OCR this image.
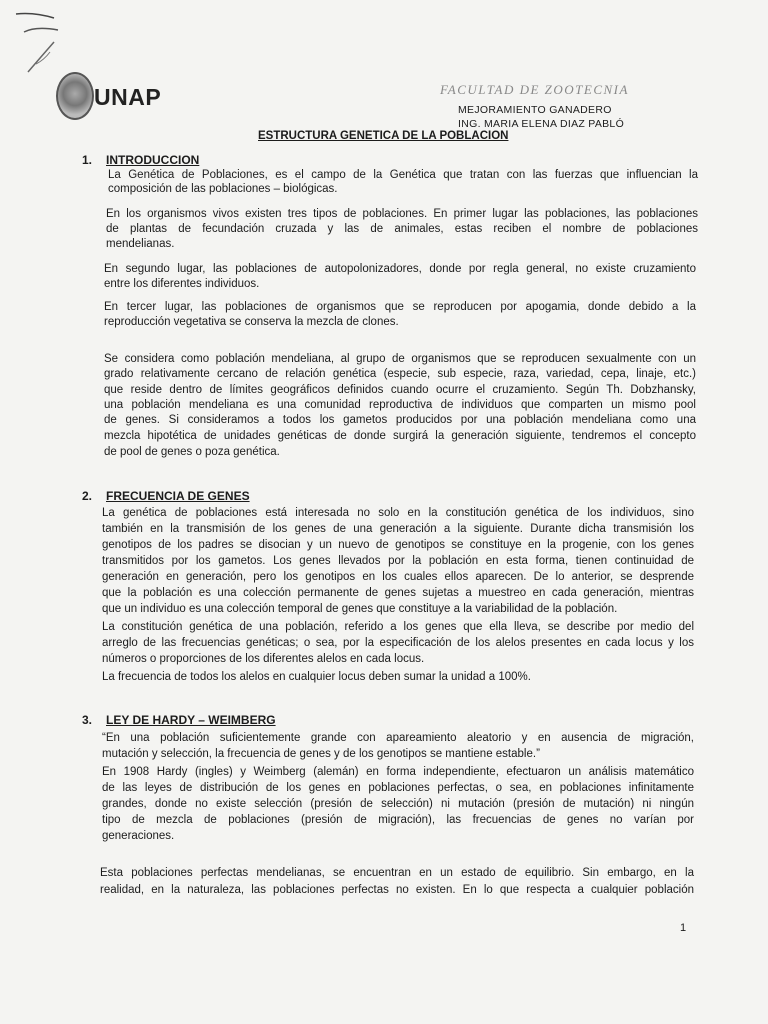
UNAP	FACULTAD DE ZOOTECNIA
MEJORAMIENTO GANADERO
ING. MARIA ELENA DIAZ PABLÓ
ESTRUCTURA GENETICA DE LA POBLACION
1. INTRODUCCION
La Genética de Poblaciones, es el campo de la Genética que tratan con las fuerzas que influencian la
composición de las poblaciones – biológicas.
En los organismos vivos existen tres tipos de poblaciones. En primer lugar las poblaciones, las poblaciones
de plantas de fecundación cruzada y las de animales, estas reciben el nombre de poblaciones
mendelianas.
En segundo lugar, las poblaciones de autopolonizadores, donde por regla general, no existe cruzamiento
entre los diferentes individuos.
En tercer lugar, las poblaciones de organismos que se reproducen por apogamia, donde debido a la
reproducción vegetativa se conserva la mezcla de clones.
Se considera como población mendeliana, al grupo de organismos que se reproducen sexualmente con un
grado relativamente cercano de relación genética (especie, sub especie, raza, variedad, cepa, linaje, etc.)
que reside dentro de límites geográficos definidos cuando ocurre el cruzamiento. Según Th. Dobzhansky,
una población mendeliana es una comunidad reproductiva de individuos que comparten un mismo pool
de genes. Si consideramos a todos los gametos producidos por una población mendeliana como una
mezcla hipotética de unidades genéticas de donde surgirá la generación siguiente, tendremos el concepto
de pool de genes o poza genética.
2. FRECUENCIA DE GENES
La genética de poblaciones está interesada no solo en la constitución genética de los individuos, sino
también en la transmisión de los genes de una generación a la siguiente. Durante dicha transmisión los
genotipos de los padres se disocian y un nuevo de genotipos se constituye en la progenie, con los genes
transmitidos por los gametos. Los genes llevados por la población en esta forma, tienen continuidad de
generación en generación, pero los genotipos en los cuales ellos aparecen. De lo anterior, se desprende
que la población es una colección permanente de genes sujetas a muestreo en cada generación, mientras
que un individuo es una colección temporal de genes que constituye a la variabilidad de la población.
La constitución genética de una población, referido a los genes que ella lleva, se describe por medio del
arreglo de las frecuencias genéticas; o sea, por la especificación de los alelos presentes en cada locus y los
números o proporciones de los diferentes alelos en cada locus.
La frecuencia de todos los alelos en cualquier locus deben sumar la unidad a 100%.
3. LEY DE HARDY – WEIMBERG
“En una población suficientemente grande con apareamiento aleatorio y en ausencia de migración,
mutación y selección, la frecuencia de genes y de los genotipos se mantiene estable.”
En 1908 Hardy (ingles) y Weimberg (alemán) en forma independiente, efectuaron un análisis matemático
de las leyes de distribución de los genes en poblaciones perfectas, o sea, en poblaciones infinitamente
grandes, donde no existe selección (presión de selección) ni mutación (presión de mutación) ni ningún
tipo de mezcla de poblaciones (presión de migración), las frecuencias de genes no varían por
generaciones.
Esta poblaciones perfectas mendelianas, se encuentran en un estado de equilibrio. Sin embargo, en la
realidad, en la naturaleza, las poblaciones perfectas no existen. En lo que respecta a cualquier población
1
